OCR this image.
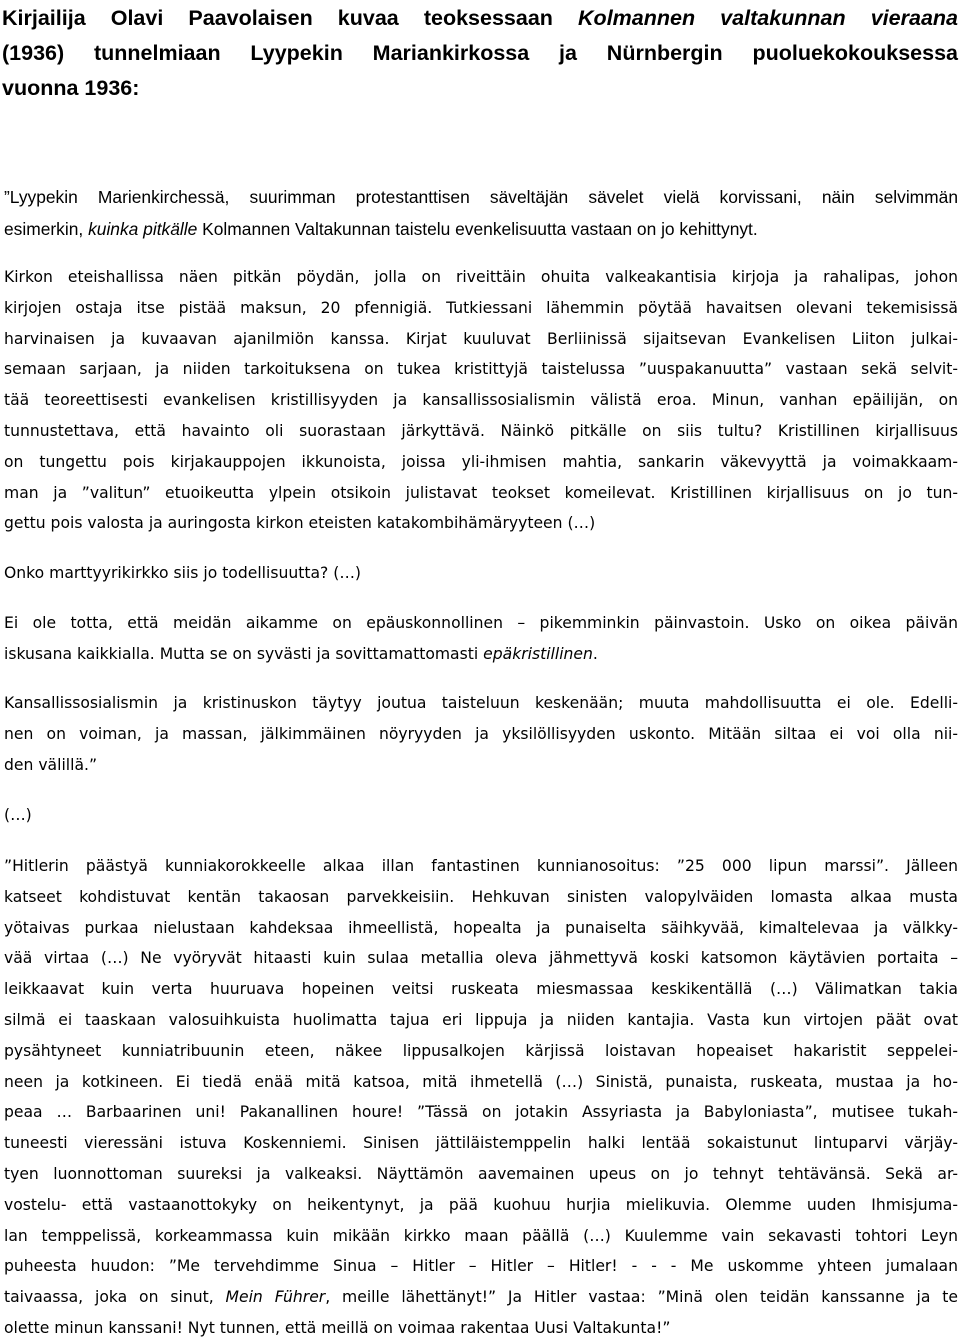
Kirjailija Olavi Paavolaisen kuvaa teoksessaan Kolmannen valtakunnan vieraana
(1936) tunnelmiaan Lyypekin Mariankirkossa ja Nürnbergin puoluekokouksessa
vuonna 1936:
”Lyypekin Marienkirchessä, suurimman protestanttisen säveltäjän sävelet vielä korvissani, näin selvimmän
esimerkin, kuinka pitkälle Kolmannen Valtakunnan taistelu evenkelisuutta vastaan on jo kehittynyt.
Kirkon eteishallissa näen pitkän pöydän, jolla on riveittäin ohuita valkeakantisia kirjoja ja rahalipas, johon
kirjojen ostaja itse pistää maksun, 20 pfennigiä. Tutkiessani lähemmin pöytää havaitsen olevani tekemisissä
harvinaisen ja kuvaavan ajanilmiön kanssa. Kirjat kuuluvat Berliinissä sijaitsevan Evankelisen Liiton julkai-
semaan sarjaan, ja niiden tarkoituksena on tukea kristittyjä taistelussa ”uuspakanuutta” vastaan sekä selvit-
tää teoreettisesti evankelisen kristillisyyden ja kansallissosialismin välistä eroa. Minun, vanhan epäilijän, on
tunnustettava, että havainto oli suorastaan järkyttävä. Näinkö pitkälle on siis tultu? Kristillinen kirjallisuus
on tungettu pois kirjakauppojen ikkunoista, joissa yli-ihmisen mahtia, sankarin väkevyyttä ja voimakkaam-
man ja ”valitun” etuoikeutta ylpein otsikoin julistavat teokset komeilevat. Kristillinen kirjallisuus on jo tun-
gettu pois valosta ja auringosta kirkon eteisten katakombihämäryyteen (…)
Onko marttyyrikirkko siis jo todellisuutta? (…)
Ei ole totta, että meidän aikamme on epäuskonnollinen – pikemminkin päinvastoin. Usko on oikea päivän
iskusana kaikkialla. Mutta se on syvästi ja sovittamattomasti epäkristillinen.
Kansallissosialismin ja kristinuskon täytyy joutua taisteluun keskenään; muuta mahdollisuutta ei ole. Edelli-
nen on voiman, ja massan, jälkimmäinen nöyryyden ja yksilöllisyyden uskonto. Mitään siltaa ei voi olla nii-
den välillä.”
(…)
”Hitlerin päästyä kunniakorokkeelle alkaa illan fantastinen kunnianosoitus: ”25 000 lipun marssi”. Jälleen
katseet kohdistuvat kentän takaosan parvekkeisiin. Hehkuvan sinisten valopylväiden lomasta alkaa musta
yötaivas purkaa nielustaan kahdeksaa ihmeellistä, hopealta ja punaiselta säihkyvää, kimaltelevaa ja välkky-
vää virtaa (…) Ne vyöryvät hitaasti kuin sulaa metallia oleva jähmettyvä koski katsomon käytävien portaita –
leikkaavat kuin verta huuruava hopeinen veitsi ruskeata miesmassaa keskikentällä (…) Välimatkan takia
silmä ei taaskaan valosuihkuista huolimatta tajua eri lippuja ja niiden kantajia. Vasta kun virtojen päät ovat
pysähtyneet kunniatribuunin eteen, näkee lippusalkojen kärjissä loistavan hopeaiset hakaristit seppelei-
neen ja kotkineen. Ei tiedä enää mitä katsoa, mitä ihmetellä (…) Sinistä, punaista, ruskeata, mustaa ja ho-
peaa … Barbaarinen uni! Pakanallinen houre! ”Tässä on jotakin Assyriasta ja Babyloniasta”, mutisee tukah-
tuneesti vieressäni istuva Koskenniemi. Sinisen jättiläistemppelin halki lentää sokaistunut lintuparvi värjäy-
tyen luonnottoman suureksi ja valkeaksi. Näyttämön aavemainen upeus on jo tehnyt tehtävänsä. Sekä ar-
vostelu- että vastaanottokyky on heikentynyt, ja pää kuohuu hurjia mielikuvia. Olemme uuden Ihmisjuma-
lan temppelissä, korkeammassa kuin mikään kirkko maan päällä (…) Kuulemme vain sekavasti tohtori Leyn
puheesta huudon: ”Me tervehdimme Sinua – Hitler – Hitler – Hitler! - - - Me uskomme yhteen jumalaan
taivaassa, joka on sinut, Mein Führer, meille lähettänyt!” Ja Hitler vastaa: ”Minä olen teidän kanssanne ja te
olette minun kanssani! Nyt tunnen, että meillä on voimaa rakentaa Uusi Valtakunta!”
